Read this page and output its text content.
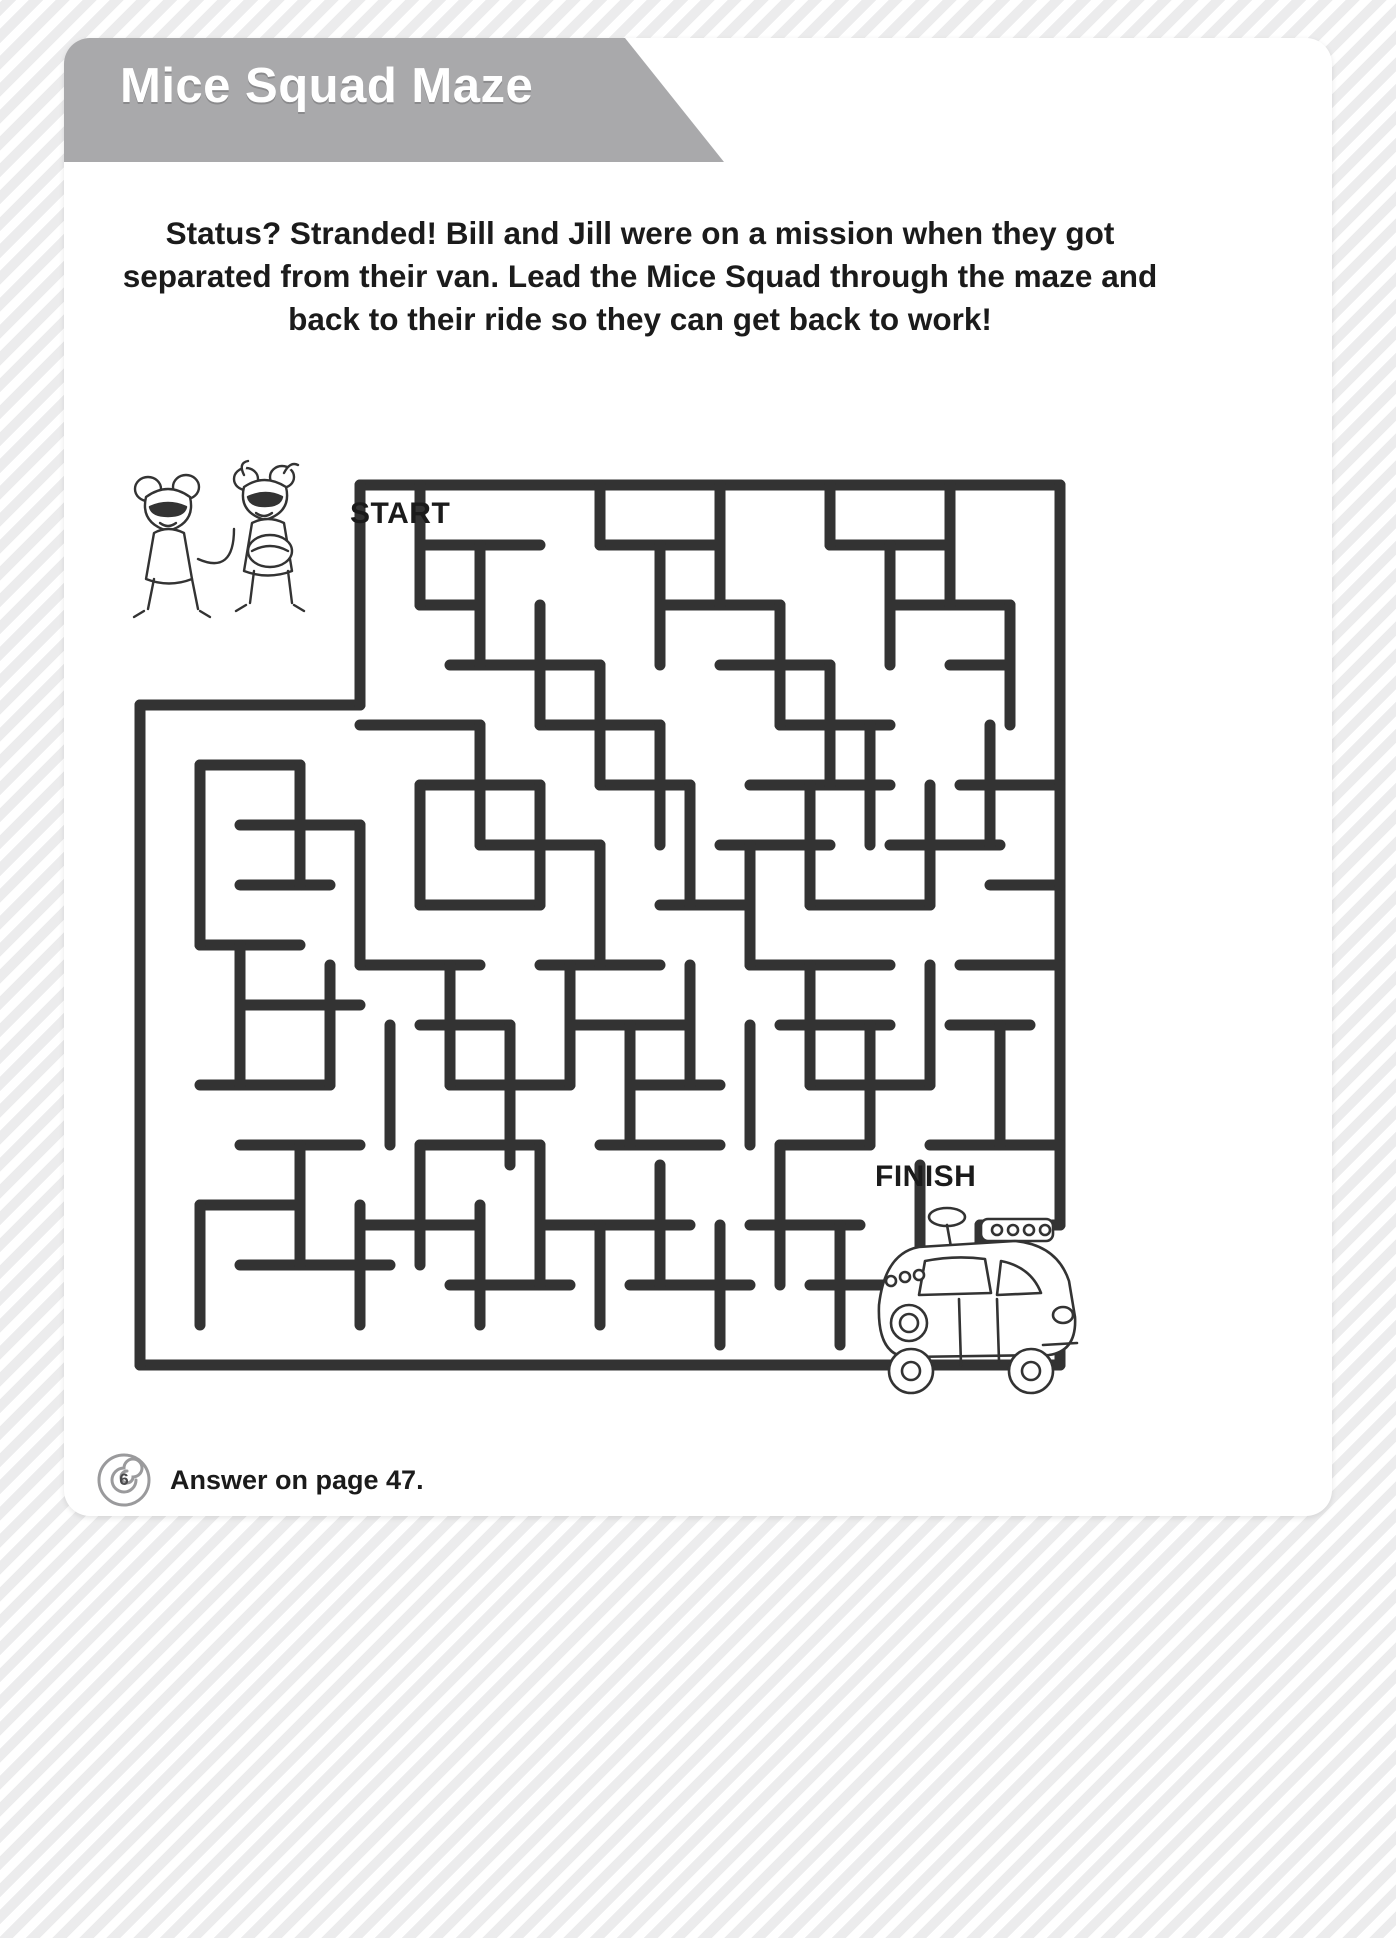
Mice Squad Maze
Status? Stranded! Bill and Jill were on a mission when they got separated from their van. Lead the Mice Squad through the maze and back to their ride so they can get back to work!
START
FINISH
6	Answer on page 47.
